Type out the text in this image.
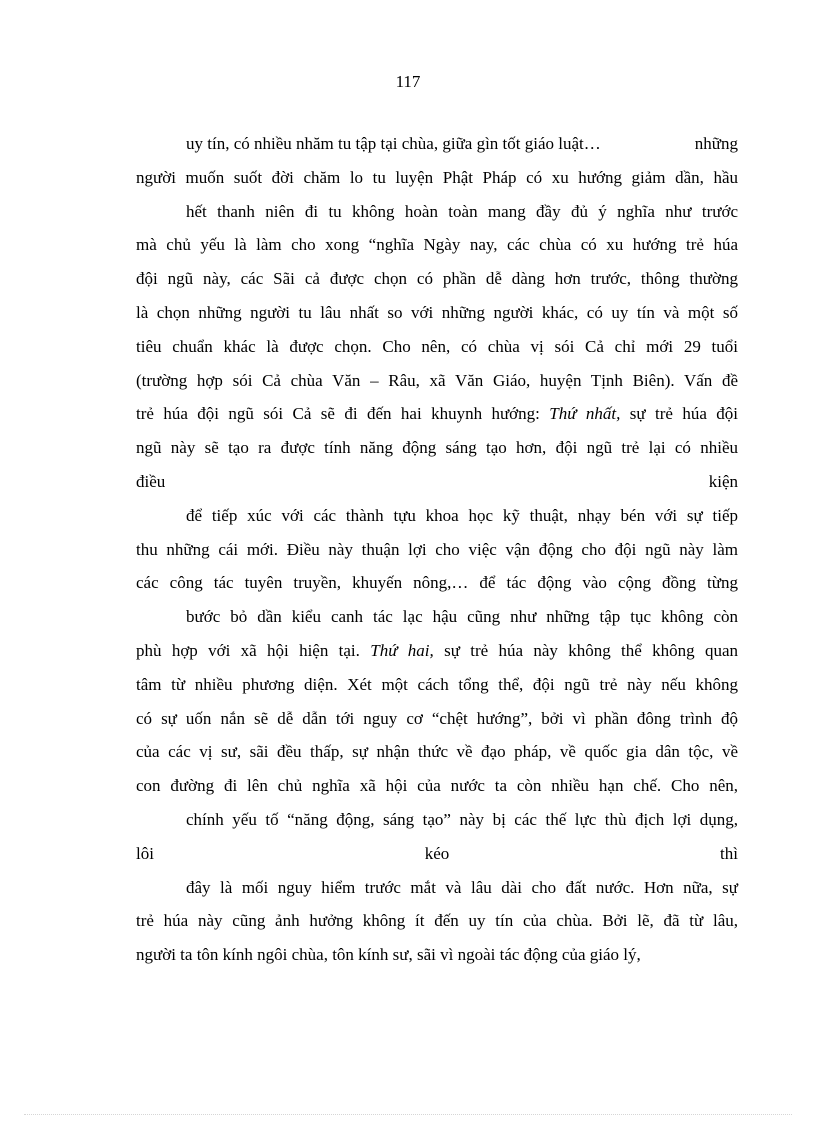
117
uy tín, có nhiều nhăm tu tập tại chùa, giữa gìn tốt giáo luật…	những
người muốn suốt đời chăm lo tu luyện Phật Pháp có xu hướng giảm dần, hầu
hết thanh niên đi tu không hoàn toàn mang đầy đủ ý nghĩa như trước
mà chủ yếu là làm cho xong “nghĩa Ngày nay, các chùa có xu hướng trẻ húa
đội ngũ này, các Sãi cả được chọn có phần dễ dàng hơn trước, thông thường
là chọn những người tu lâu nhất so với những người khác, có uy tín và một số
tiêu chuẩn khác là được chọn. Cho nên, có chùa vị sói Cả chỉ mới 29 tuổi
(trường hợp sói Cả chùa Văn – Râu, xã Văn Giáo, huyện Tịnh Biên). Vấn đề
trẻ húa đội ngũ sói Cả sẽ đi đến hai khuynh hướng: Thứ nhất, sự trẻ húa đội
ngũ này sẽ tạo ra được tính năng động sáng tạo hơn, đội ngũ trẻ lại có nhiều
điều	kiện
để tiếp xúc với các thành tựu khoa học kỹ thuật, nhạy bén với sự tiếp
thu những cái mới. Điều này thuận lợi cho việc vận động cho đội ngũ này làm
các công tác tuyên truyền, khuyến nông,… để tác động vào cộng đồng từng
bước bỏ dần kiểu canh tác lạc hậu cũng như những tập tục không còn
phù hợp với xã hội hiện tại. Thứ hai, sự trẻ húa này không thể không quan
tâm từ nhiều phương diện. Xét một cách tổng thể, đội ngũ trẻ này nếu không
có sự uốn nắn sẽ dễ dẫn tới nguy cơ “chệt hướng”, bởi vì phần đông trình độ
của các vị sư, sãi đều thấp, sự nhận thức về đạo pháp, về quốc gia dân tộc, về
con đường đi lên chủ nghĩa xã hội của nước ta còn nhiều hạn chế. Cho nên,
chính yếu tố “năng động, sáng tạo” này bị các thế lực thù địch lợi dụng,
lôi	kéo	thì
đây là mối nguy hiểm trước mắt và lâu dài cho đất nước. Hơn nữa, sự
trẻ húa này cũng ảnh hưởng không ít đến uy tín của chùa. Bởi lẽ, đã từ lâu,
người ta tôn kính ngôi chùa, tôn kính sư, sãi vì ngoài tác động của giáo lý,
